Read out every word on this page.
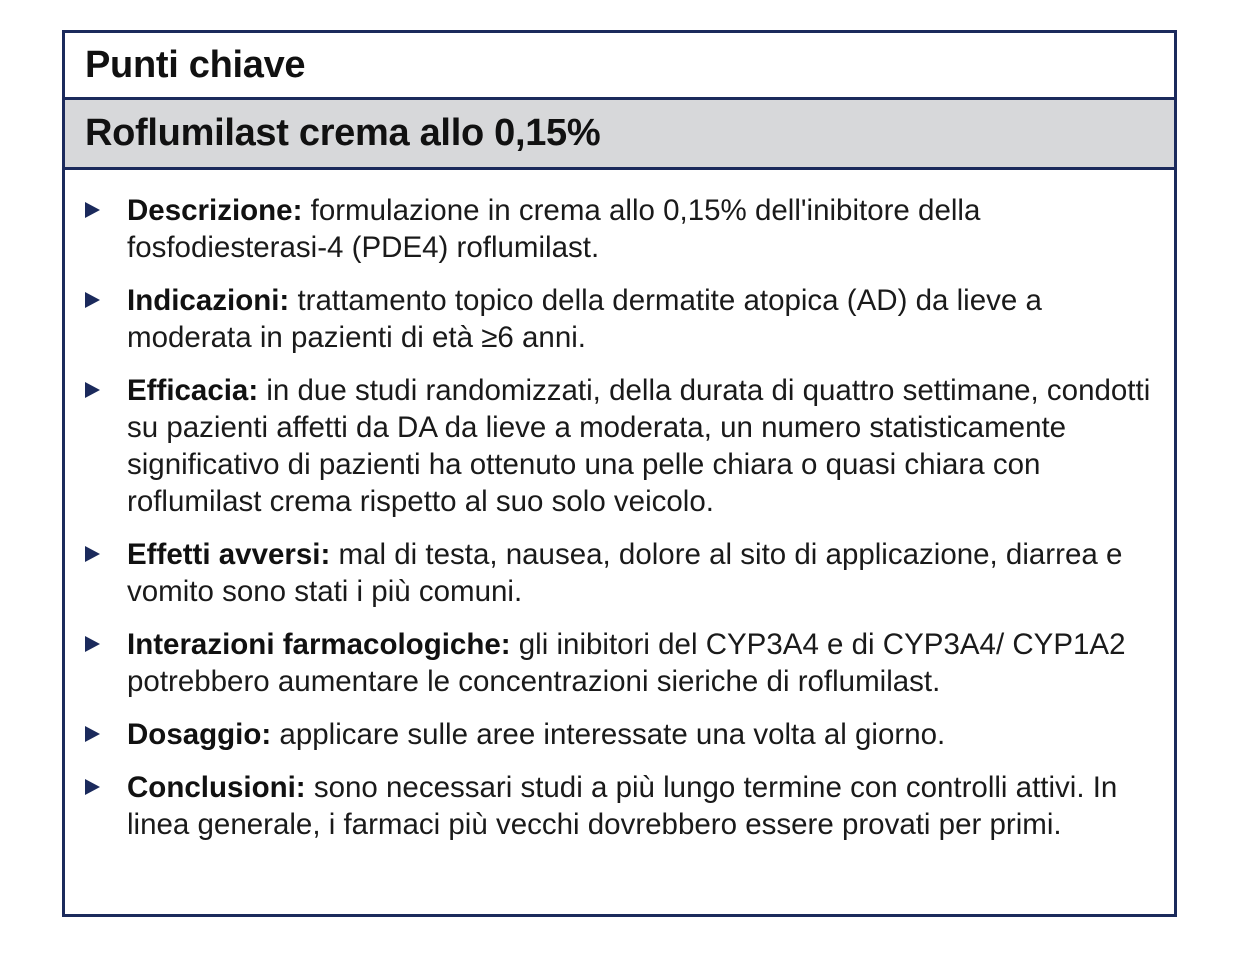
Punti chiave
Roflumilast crema allo 0,15%
Descrizione: formulazione in crema allo 0,15% dell'inibitore della fosfodiesterasi-4 (PDE4) roflumilast.
Indicazioni: trattamento topico della dermatite atopica (AD) da lieve a moderata in pazienti di età ≥6 anni.
Efficacia: in due studi randomizzati, della durata di quattro settimane, condotti su pazienti affetti da DA da lieve a moderata, un numero statisticamente significativo di pazienti ha ottenuto una pelle chiara o quasi chiara con roflumilast crema rispetto al suo solo veicolo.
Effetti avversi: mal di testa, nausea, dolore al sito di applicazione, diarrea e vomito sono stati i più comuni.
Interazioni farmacologiche: gli inibitori del CYP3A4 e di CYP3A4/ CYP1A2 potrebbero aumentare le concentrazioni sieriche di roflumilast.
Dosaggio: applicare sulle aree interessate una volta al giorno.
Conclusioni: sono necessari studi a più lungo termine con controlli attivi. In linea generale, i farmaci più vecchi dovrebbero essere provati per primi.
